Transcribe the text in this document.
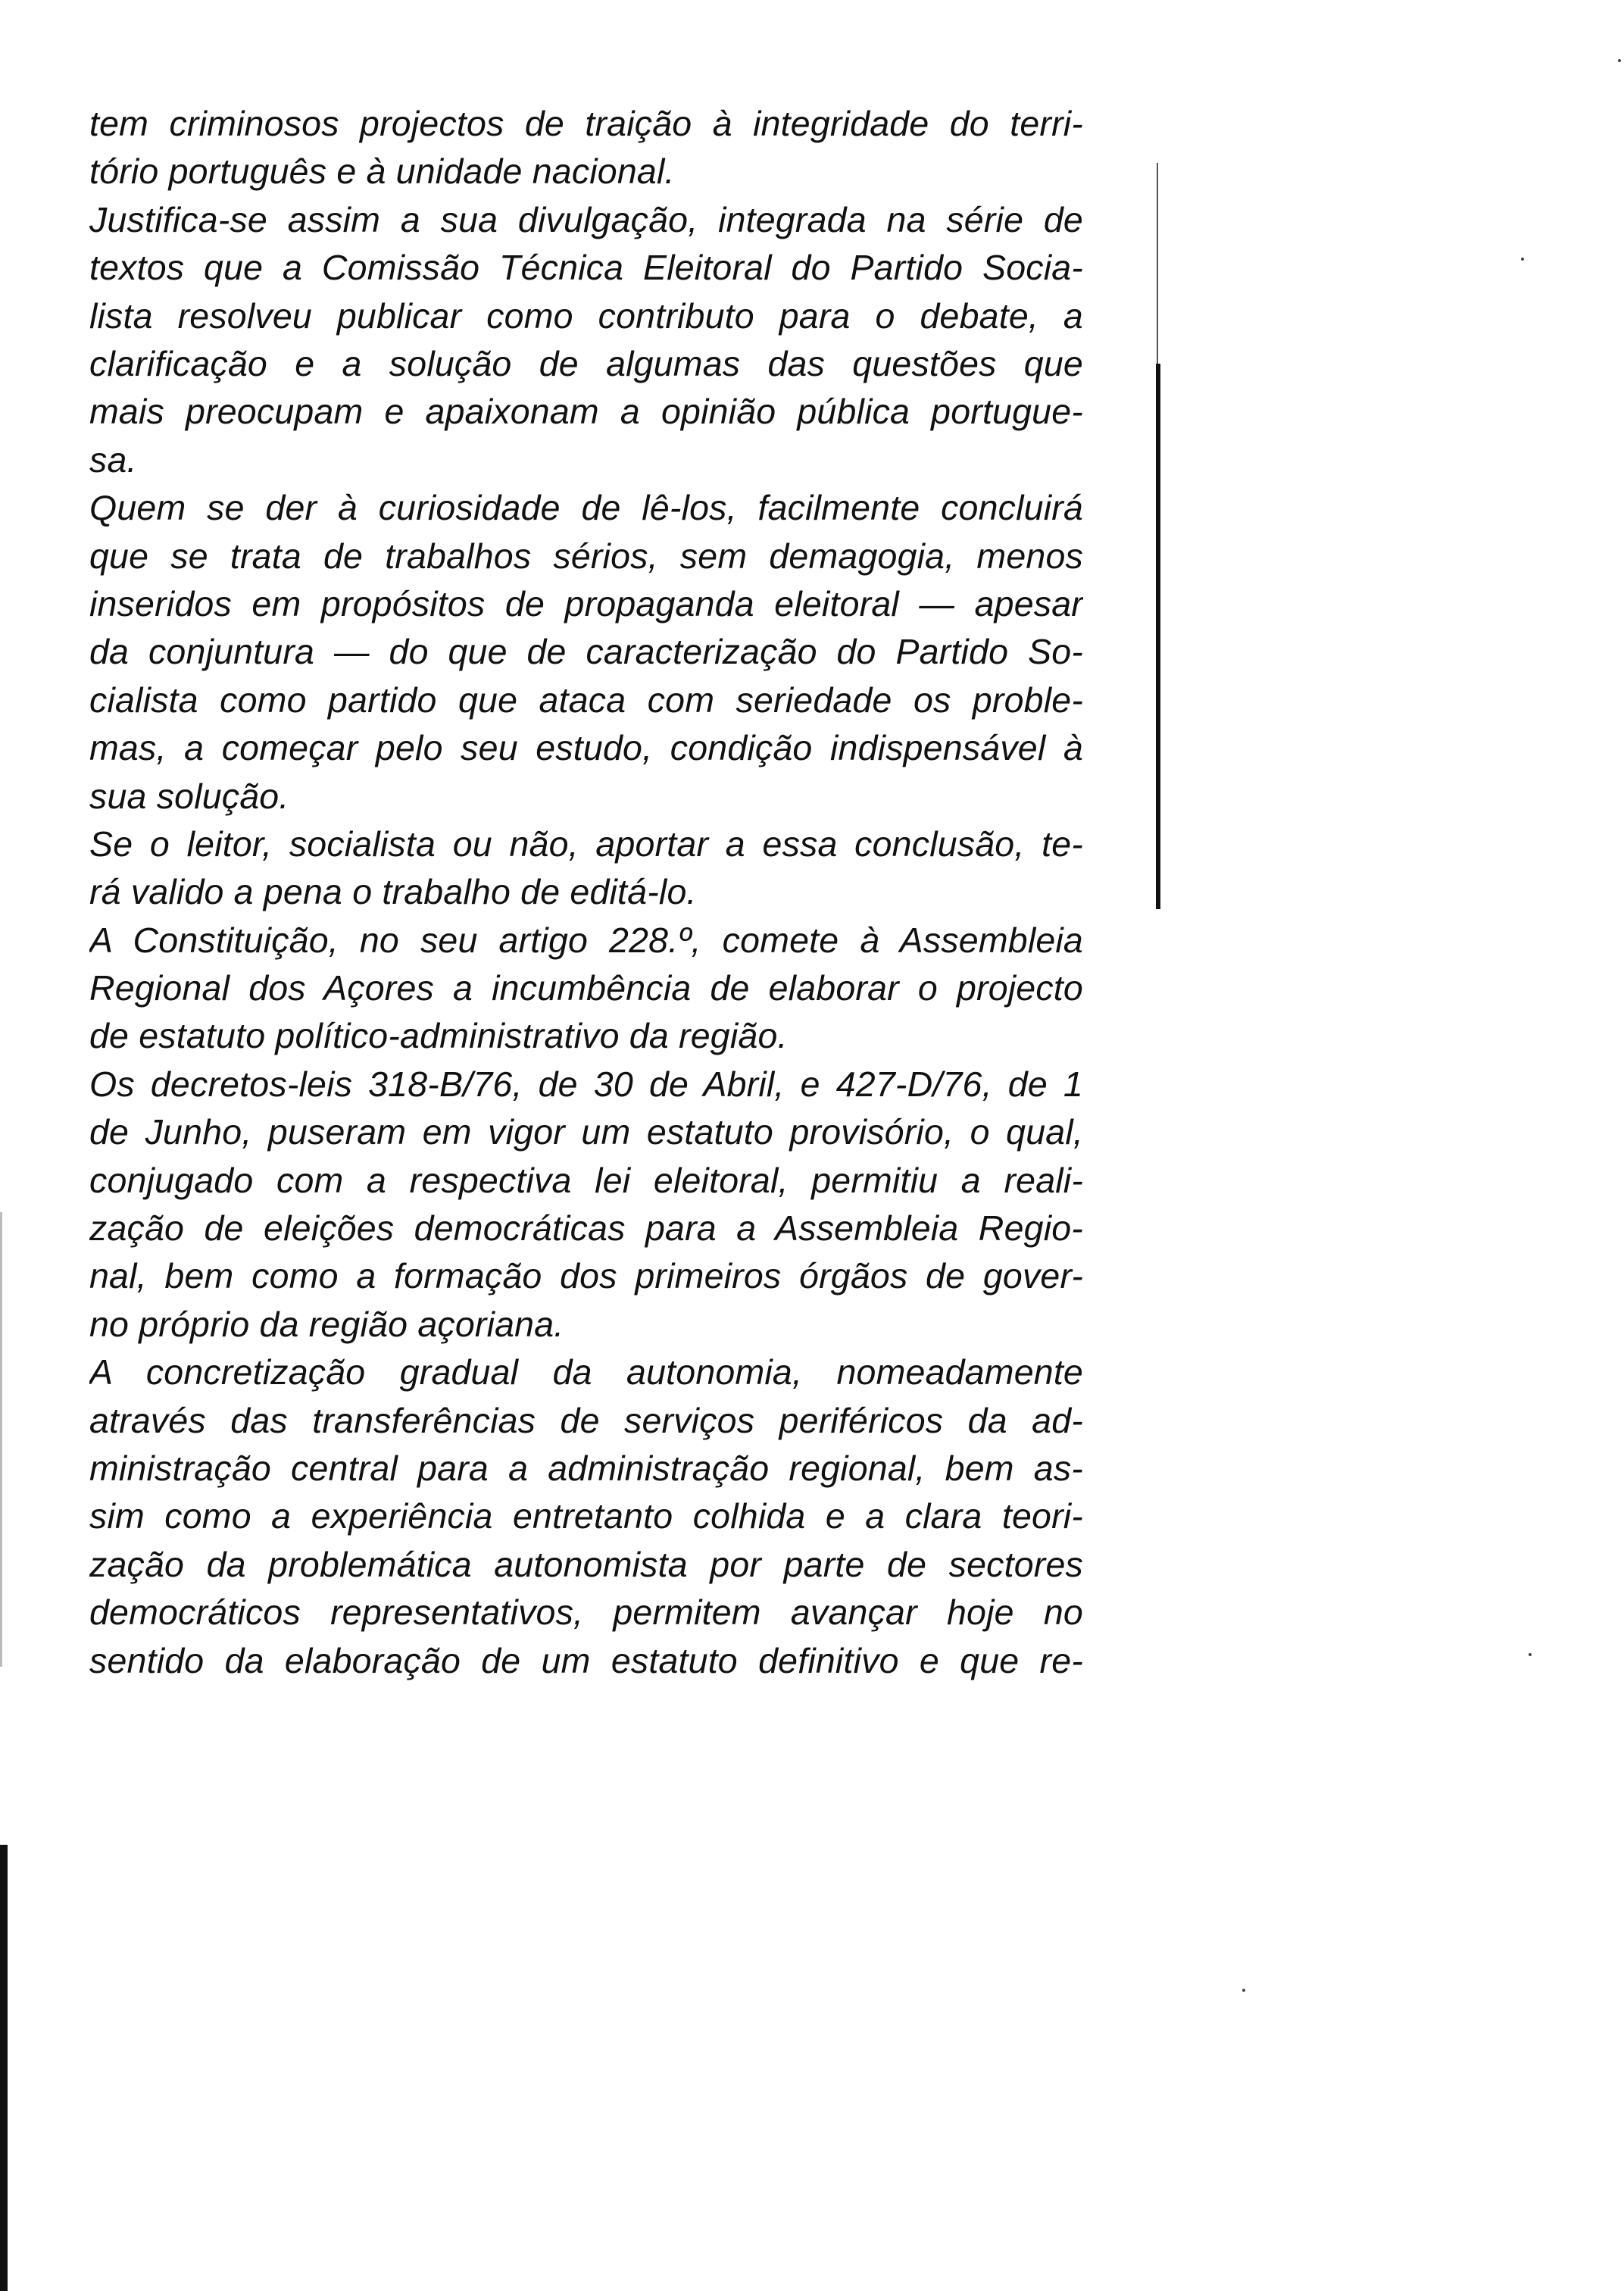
tem criminosos projectos de traição à integridade do terri-
tório português e à unidade nacional.
Justifica-se assim a sua divulgação, integrada na série de
textos que a Comissão Técnica Eleitoral do Partido Socia-
lista resolveu publicar como contributo para o debate, a
clarificação e a solução de algumas das questões que
mais preocupam e apaixonam a opinião pública portugue-
sa.
Quem se der à curiosidade de lê-los, facilmente concluirá
que se trata de trabalhos sérios, sem demagogia, menos
inseridos em propósitos de propaganda eleitoral — apesar
da conjuntura — do que de caracterização do Partido So-
cialista como partido que ataca com seriedade os proble-
mas, a começar pelo seu estudo, condição indispensável à
sua solução.
Se o leitor, socialista ou não, aportar a essa conclusão, te-
rá valido a pena o trabalho de editá-lo.
A Constituição, no seu artigo 228.º, comete à Assembleia
Regional dos Açores a incumbência de elaborar o projecto
de estatuto político-administrativo da região.
Os decretos-leis 318-B/76, de 30 de Abril, e 427-D/76, de 1
de Junho, puseram em vigor um estatuto provisório, o qual,
conjugado com a respectiva lei eleitoral, permitiu a reali-
zação de eleições democráticas para a Assembleia Regio-
nal, bem como a formação dos primeiros órgãos de gover-
no próprio da região açoriana.
A concretização gradual da autonomia, nomeadamente
através das transferências de serviços periféricos da ad-
ministração central para a administração regional, bem as-
sim como a experiência entretanto colhida e a clara teori-
zação da problemática autonomista por parte de sectores
democráticos representativos, permitem avançar hoje no
sentido da elaboração de um estatuto definitivo e que re-
